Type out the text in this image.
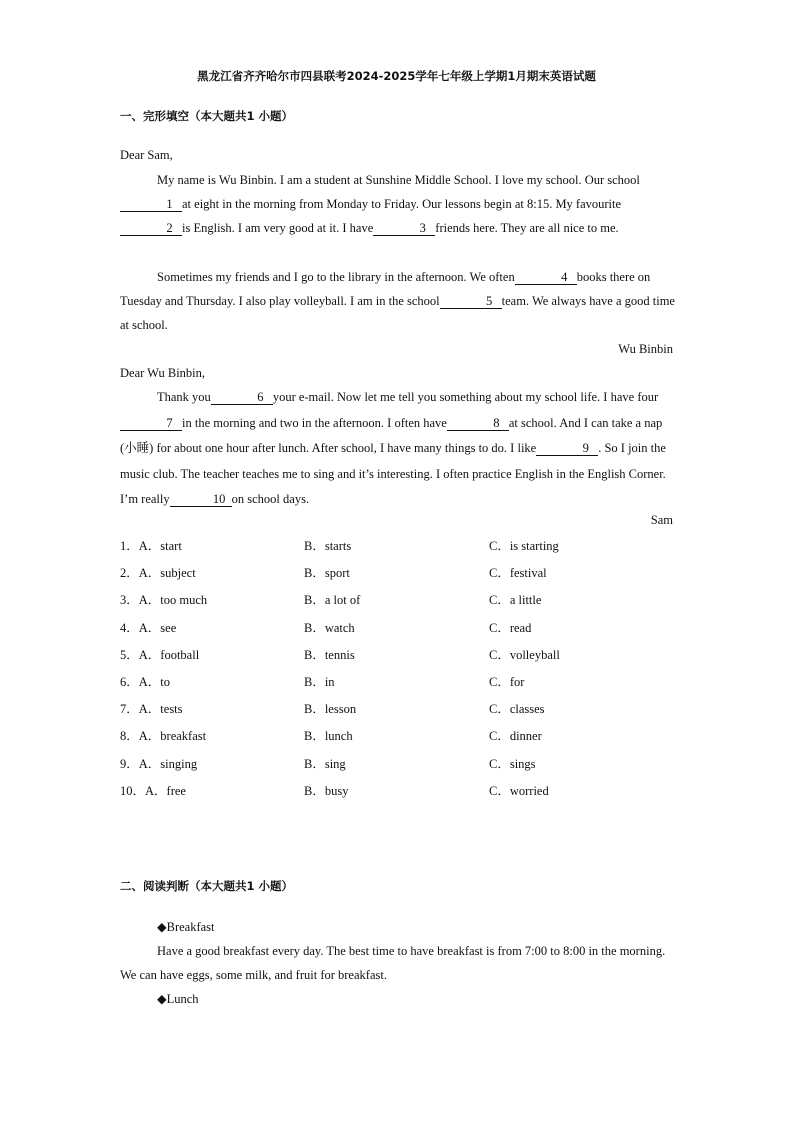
黑龙江省齐齐哈尔市四县联考2024-2025学年七年级上学期1月期末英语试题
一、完形填空（本大题共1 小题）
Dear Sam,
My name is Wu Binbin. I am a student at Sunshine Middle School. I love my school. Our school1 at eight in the morning from Monday to Friday. Our lessons begin at 8:15. My favourite2 is English. I am very good at it. I have	3 friends here. They are all nice to me.
Sometimes my friends and I go to the library in the afternoon. We often	4 books there on Tuesday and Thursday. I also play volleyball. I am in the school	5 team. We always have a good time at school.
Wu Binbin
Dear Wu Binbin,
Thank you	6 your e-mail. Now let me tell you something about my school life. I have four7 in the morning and two in the afternoon. I often have	8 at school. And I can take a nap (小睡) for about one hour after lunch. After school, I have many things to do. I like	9 . So I join the music club. The teacher teaches me to sing and it’s interesting. I often practice English in the English Corner. I’m really	10 on school days.
Sam
1．A．start	B．starts	C．is starting
2．A．subject	B．sport	C．festival
3．A．too much	B．a lot of	C．a little
4．A．see	B．watch	C．read
5．A．football	B．tennis	C．volleyball
6．A．to	B．in	C．for
7．A．tests	B．lesson	C．classes
8．A．breakfast	B．lunch	C．dinner
9．A．singing	B．sing	C．sings
10．A．free	B．busy	C．worried
二、阅读判断（本大题共1 小题）
◆Breakfast
Have a good breakfast every day. The best time to have breakfast is from 7:00 to 8:00 in the morning. We can have eggs, some milk, and fruit for breakfast.
◆Lunch
